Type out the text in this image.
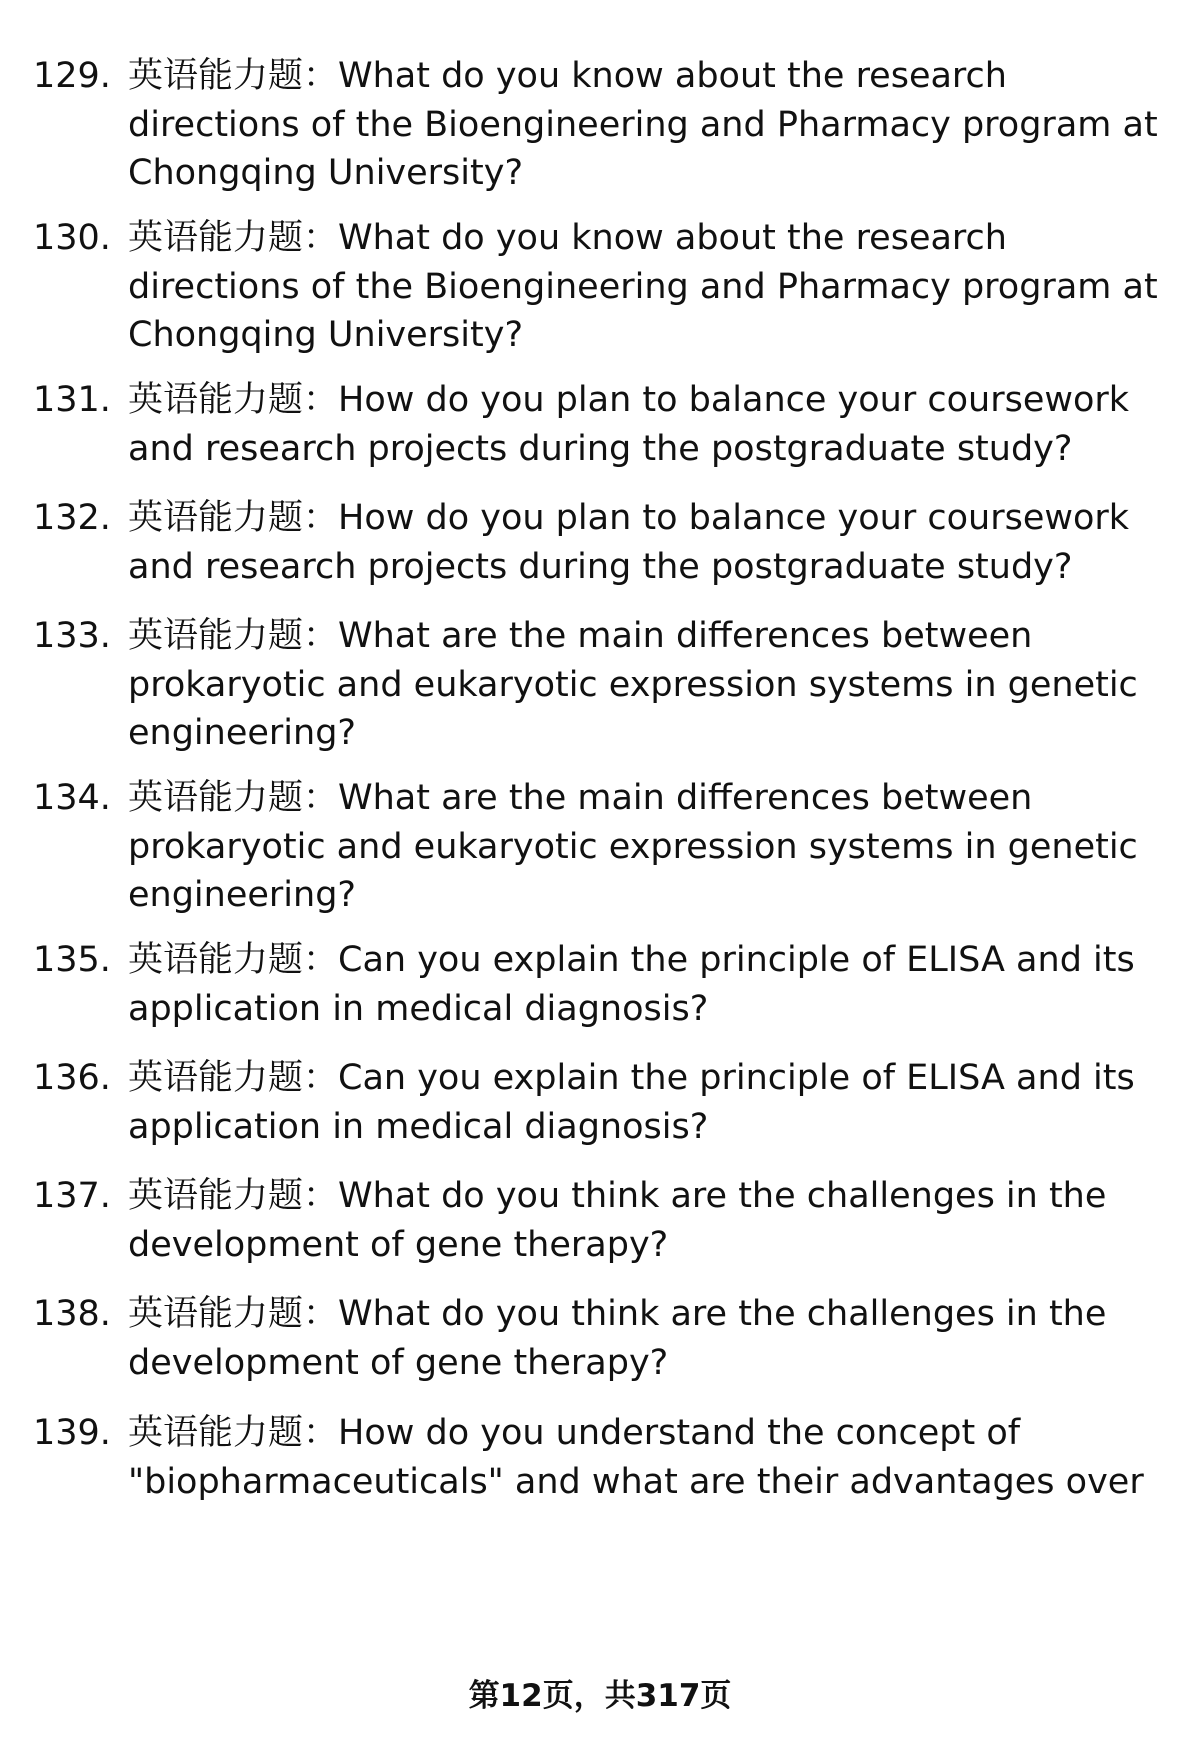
129. 英语能力题：What do you know about the research
directions of the Bioengineering and Pharmacy program at
Chongqing University?
130. 英语能力题：What do you know about the research
directions of the Bioengineering and Pharmacy program at
Chongqing University?
131. 英语能力题：How do you plan to balance your coursework
and research projects during the postgraduate study?
132. 英语能力题：How do you plan to balance your coursework
and research projects during the postgraduate study?
133. 英语能力题：What are the main differences between
prokaryotic and eukaryotic expression systems in genetic
engineering?
134. 英语能力题：What are the main differences between
prokaryotic and eukaryotic expression systems in genetic
engineering?
135. 英语能力题：Can you explain the principle of ELISA and its
application in medical diagnosis?
136. 英语能力题：Can you explain the principle of ELISA and its
application in medical diagnosis?
137. 英语能力题：What do you think are the challenges in the
development of gene therapy?
138. 英语能力题：What do you think are the challenges in the
development of gene therapy?
139. 英语能力题：How do you understand the concept of
"biopharmaceuticals" and what are their advantages over
第12页，共317页
